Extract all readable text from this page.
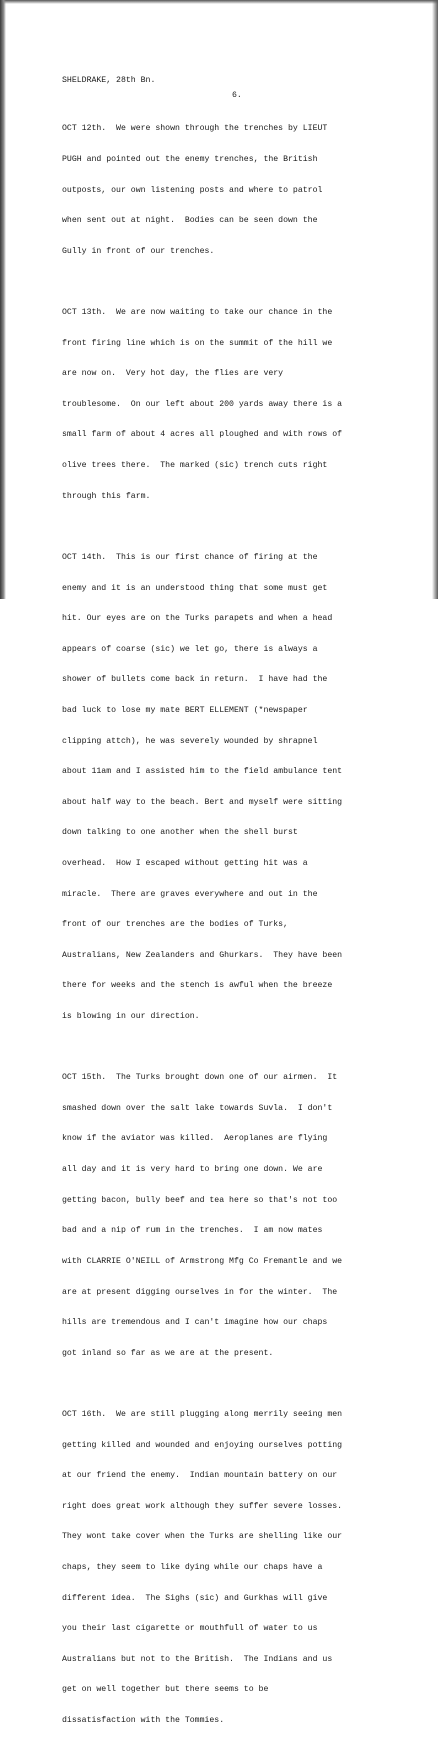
SHELDRAKE, 28th Bn.
6.

OCT 12th.  We were shown through the trenches by LIEUT

PUGH and pointed out the enemy trenches, the British

outposts, our own listening posts and where to patrol

when sent out at night.  Bodies can be seen down the

Gully in front of our trenches.

OCT 13th.  We are now waiting to take our chance in the

front firing line which is on the summit of the hill we

are now on.  Very hot day, the flies are very

troublesome.  On our left about 200 yards away there is a

small farm of about 4 acres all ploughed and with rows of

olive trees there.  The marked (sic) trench cuts right

through this farm.

OCT 14th.  This is our first chance of firing at the

enemy and it is an understood thing that some must get

hit. Our eyes are on the Turks parapets and when a head

appears of coarse (sic) we let go, there is always a

shower of bullets come back in return.  I have had the

bad luck to lose my mate BERT ELLEMENT (*newspaper

clipping attch), he was severely wounded by shrapnel

about 11am and I assisted him to the field ambulance tent

about half way to the beach. Bert and myself were sitting

down talking to one another when the shell burst

overhead.  How I escaped without getting hit was a

miracle.  There are graves everywhere and out in the

front of our trenches are the bodies of Turks,

Australians, New Zealanders and Ghurkars.  They have been

there for weeks and the stench is awful when the breeze

is blowing in our direction.

OCT 15th.  The Turks brought down one of our airmen.  It

smashed down over the salt lake towards Suvla.  I don't

know if the aviator was killed.  Aeroplanes are flying

all day and it is very hard to bring one down. We are

getting bacon, bully beef and tea here so that's not too

bad and a nip of rum in the trenches.  I am now mates

with CLARRIE O'NEILL of Armstrong Mfg Co Fremantle and we

are at present digging ourselves in for the winter.  The

hills are tremendous and I can't imagine how our chaps

got inland so far as we are at the present.

OCT 16th.  We are still plugging along merrily seeing men

getting killed and wounded and enjoying ourselves potting

at our friend the enemy.  Indian mountain battery on our

right does great work although they suffer severe losses.

They wont take cover when the Turks are shelling like our

chaps, they seem to like dying while our chaps have a

different idea.  The Sighs (sic) and Gurkhas will give

you their last cigarette or mouthfull of water to us

Australians but not to the British.  The Indians and us

get on well together but there seems to be

dissatisfaction with the Tommies.
